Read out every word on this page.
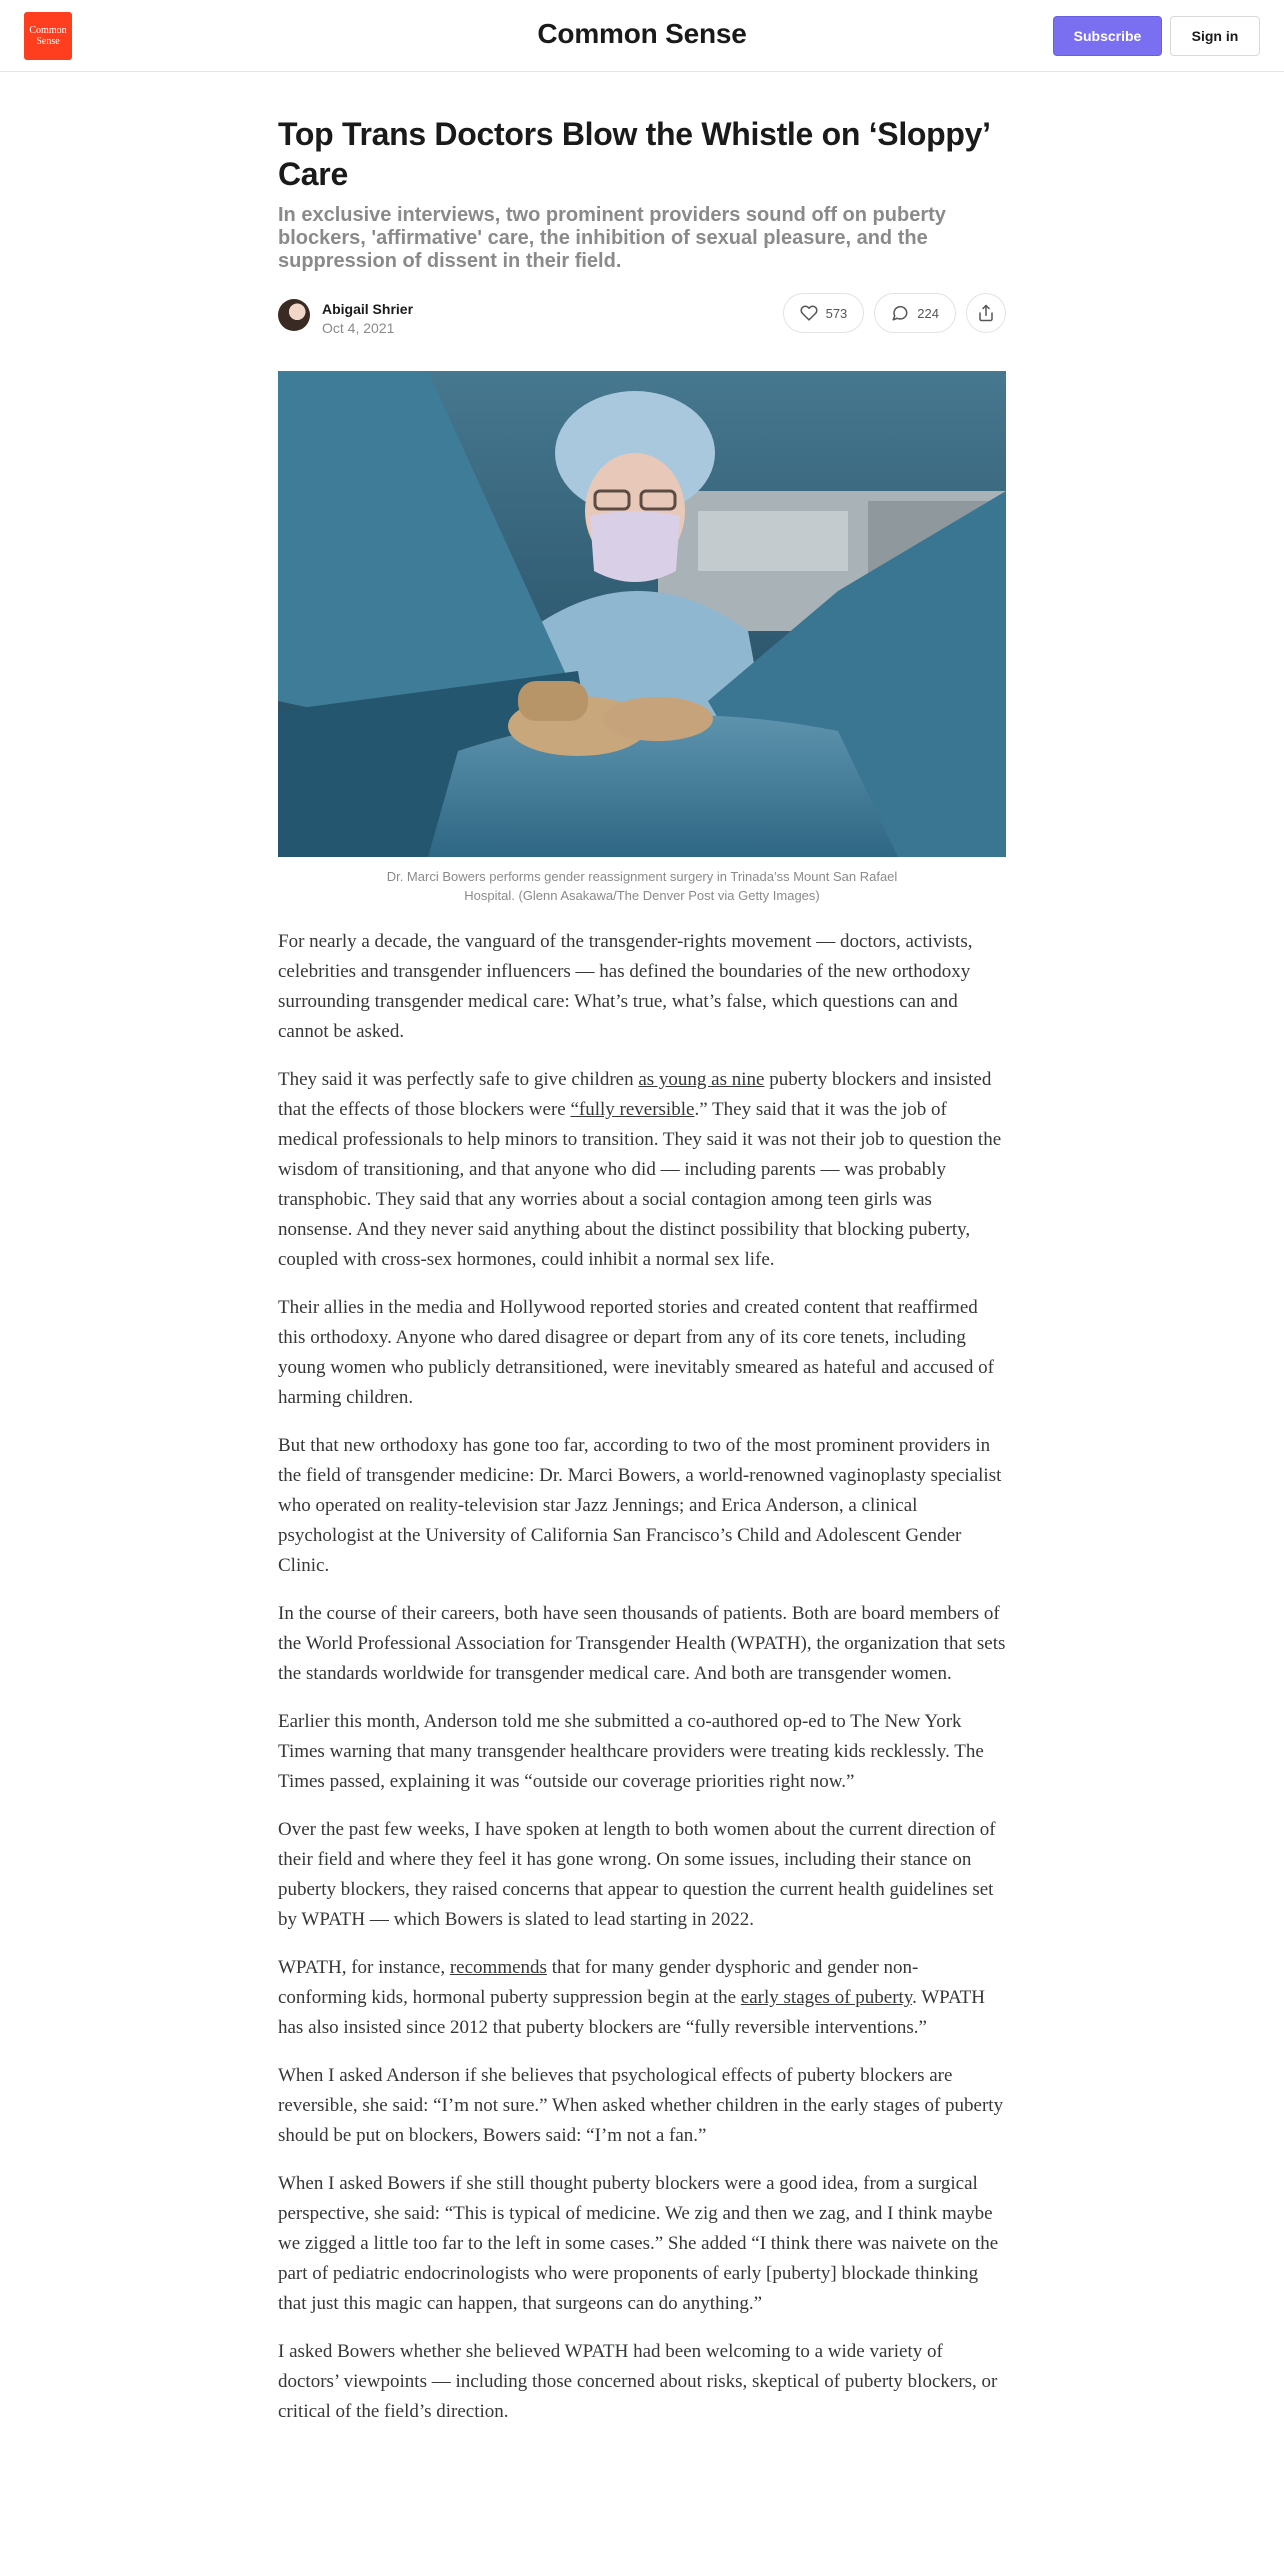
Common Sense	Common Sense	Subscribe	Sign in
Top Trans Doctors Blow the Whistle on ‘Sloppy’ Care
In exclusive interviews, two prominent providers sound off on puberty blockers, 'affirmative' care, the inhibition of sexual pleasure, and the suppression of dissent in their field.
Abigail Shrier
Oct 4, 2021
573	224

Dr. Marci Bowers performs gender reassignment surgery in Trinada’ss Mount San Rafael Hospital. (Glenn Asakawa/The Denver Post via Getty Images)

For nearly a decade, the vanguard of the transgender-rights movement — doctors, activists, celebrities and transgender influencers — has defined the boundaries of the new orthodoxy surrounding transgender medical care: What’s true, what’s false, which questions can and cannot be asked.

They said it was perfectly safe to give children as young as nine puberty blockers and insisted that the effects of those blockers were “fully reversible.” They said that it was the job of medical professionals to help minors to transition. They said it was not their job to question the wisdom of transitioning, and that anyone who did — including parents — was probably transphobic. They said that any worries about a social contagion among teen girls was nonsense. And they never said anything about the distinct possibility that blocking puberty, coupled with cross-sex hormones, could inhibit a normal sex life.

Their allies in the media and Hollywood reported stories and created content that reaffirmed this orthodoxy. Anyone who dared disagree or depart from any of its core tenets, including young women who publicly detransitioned, were inevitably smeared as hateful and accused of harming children.

But that new orthodoxy has gone too far, according to two of the most prominent providers in the field of transgender medicine: Dr. Marci Bowers, a world-renowned vaginoplasty specialist who operated on reality-television star Jazz Jennings; and Erica Anderson, a clinical psychologist at the University of California San Francisco’s Child and Adolescent Gender Clinic.

In the course of their careers, both have seen thousands of patients. Both are board members of the World Professional Association for Transgender Health (WPATH), the organization that sets the standards worldwide for transgender medical care. And both are transgender women.

Earlier this month, Anderson told me she submitted a co-authored op-ed to The New York Times warning that many transgender healthcare providers were treating kids recklessly. The Times passed, explaining it was “outside our coverage priorities right now.”

Over the past few weeks, I have spoken at length to both women about the current direction of their field and where they feel it has gone wrong. On some issues, including their stance on puberty blockers, they raised concerns that appear to question the current health guidelines set by WPATH — which Bowers is slated to lead starting in 2022.

WPATH, for instance, recommends that for many gender dysphoric and gender non-conforming kids, hormonal puberty suppression begin at the early stages of puberty. WPATH has also insisted since 2012 that puberty blockers are “fully reversible interventions.”

When I asked Anderson if she believes that psychological effects of puberty blockers are reversible, she said: “I’m not sure.” When asked whether children in the early stages of puberty should be put on blockers, Bowers said: “I’m not a fan.”

When I asked Bowers if she still thought puberty blockers were a good idea, from a surgical perspective, she said: “This is typical of medicine. We zig and then we zag, and I think maybe we zigged a little too far to the left in some cases.” She added “I think there was naivete on the part of pediatric endocrinologists who were proponents of early [puberty] blockade thinking that just this magic can happen, that surgeons can do anything.”

I asked Bowers whether she believed WPATH had been welcoming to a wide variety of doctors’ viewpoints — including those concerned about risks, skeptical of puberty blockers, or critical of the field’s direction.
